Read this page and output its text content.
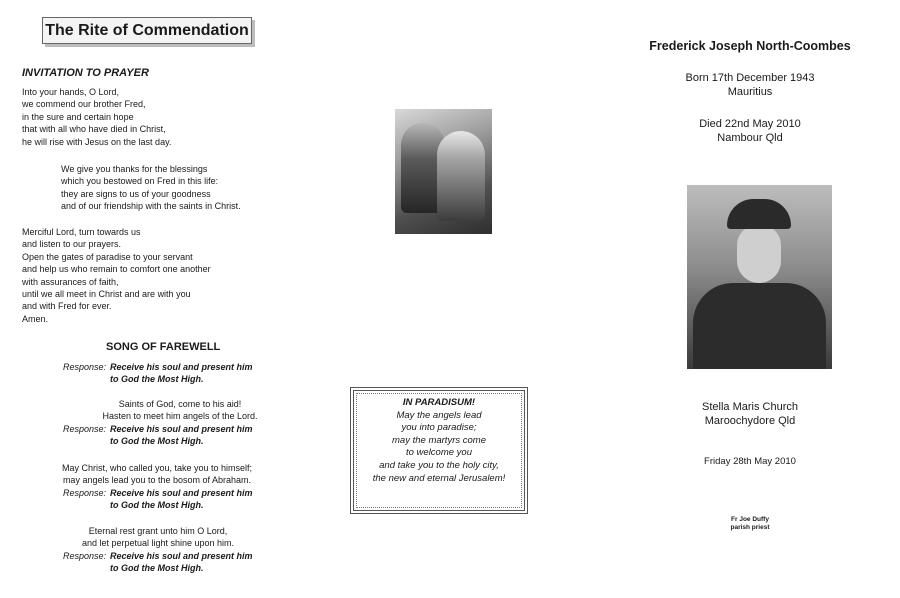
The Rite of Commendation
INVITATION TO PRAYER
Into your hands, O Lord,
we commend our brother Fred,
in the sure and certain hope
that with all who have died in Christ,
he will rise with Jesus on the last day.
We give you thanks for the blessings
which you bestowed on Fred in this life:
they are signs to us of your goodness
and of our friendship with the saints in Christ.
Merciful Lord, turn towards us
and listen to our prayers.
Open the gates of paradise to your servant
and help us who remain to comfort one another
with assurances of faith,
until we all meet in Christ and are with you
and with Fred for ever.
Amen.
SONG OF FAREWELL
Response: Receive his soul and present him
to God the Most High.
Saints of God, come to his aid!
Hasten to meet him angels of the Lord.
Response: Receive his soul and present him
to God the Most High.
May Christ, who called you, take you to himself;
may angels lead you to the bosom of Abraham.
Response: Receive his soul and present him
to God the Most High.
Eternal rest grant unto him O Lord,
and let perpetual light shine upon him.
Response: Receive his soul and present him
to God the Most High.
IN PARADISUM!
May the angels lead
you into paradise;
may the martyrs come
to welcome you
and take you to the holy city,
the new and eternal Jerusalem!
Frederick Joseph North-Coombes
Born 17th December 1943
Mauritius
Died 22nd May 2010
Nambour Qld
Stella Maris Church
Maroochydore Qld
Friday 28th May 2010
Fr Joe Duffy
parish priest
